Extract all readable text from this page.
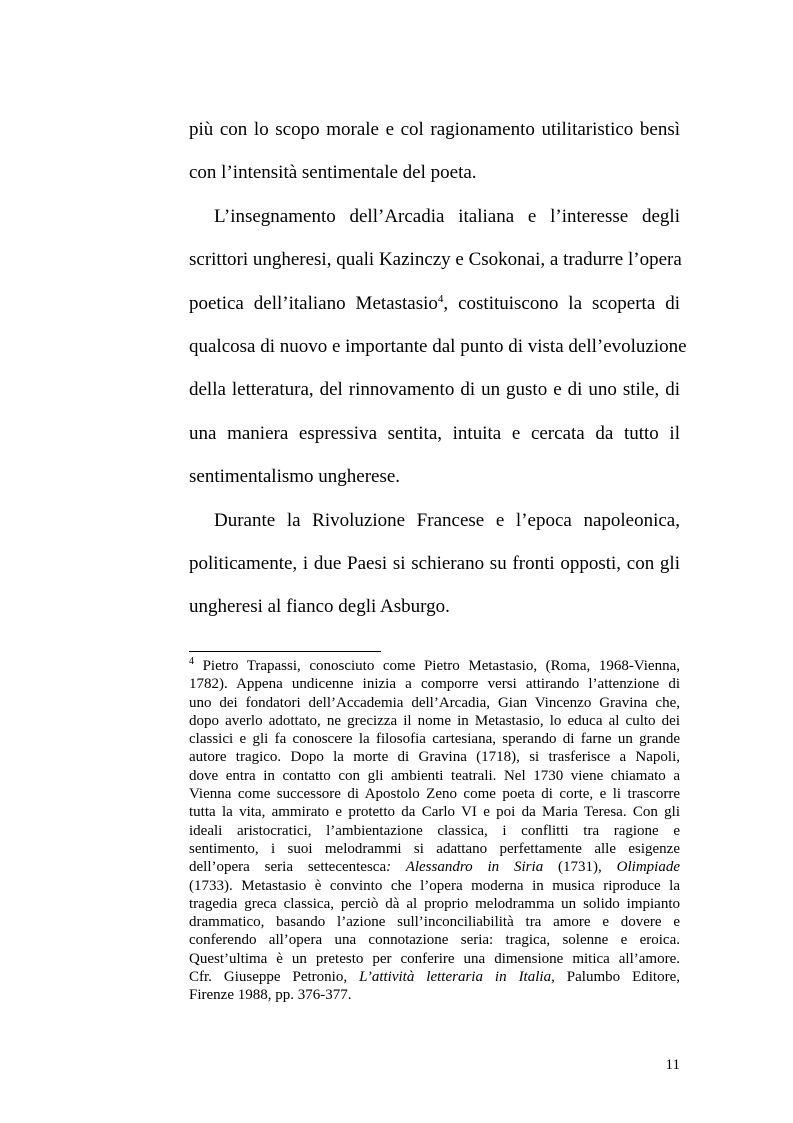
più con lo scopo morale e col ragionamento utilitaristico bensì
con l’intensità sentimentale del poeta.
L’insegnamento dell’Arcadia italiana e l’interesse degli
scrittori ungheresi, quali Kazinczy e Csokonai, a tradurre l’opera
poetica dell’italiano Metastasio$^4$, costituiscono la scoperta di
qualcosa di nuovo e importante dal punto di vista dell’evoluzione
della letteratura, del rinnovamento di un gusto e di uno stile, di
una maniera espressiva sentita, intuita e cercata da tutto il
sentimentalismo ungherese.
Durante la Rivoluzione Francese e l’epoca napoleonica,
politicamente, i due Paesi si schierano su fronti opposti, con gli
ungheresi al fianco degli Asburgo.
$^4$ Pietro Trapassi, conosciuto come Pietro Metastasio, (Roma, 1968-Vienna,
1782). Appena undicenne inizia a comporre versi attirando l’attenzione di
uno dei fondatori dell’Accademia dell’Arcadia, Gian Vincenzo Gravina che,
dopo averlo adottato, ne grecizza il nome in Metastasio, lo educa al culto dei
classici e gli fa conoscere la filosofia cartesiana, sperando di farne un grande
autore tragico. Dopo la morte di Gravina (1718), si trasferisce a Napoli,
dove entra in contatto con gli ambienti teatrali. Nel 1730 viene chiamato a
Vienna come successore di Apostolo Zeno come poeta di corte, e li trascorre
tutta la vita, ammirato e protetto da Carlo VI e poi da Maria Teresa. Con gli
ideali aristocratici, l’ambientazione classica, i conflitti tra ragione e
sentimento, i suoi melodrammi si adattano perfettamente alle esigenze
dell’opera seria settecentesca: Alessandro in Siria (1731), Olimpiade
(1733). Metastasio è convinto che l’opera moderna in musica riproduce la
tragedia greca classica, perciò dà al proprio melodramma un solido impianto
drammatico, basando l’azione sull’inconciliabilità tra amore e dovere e
conferendo all’opera una connotazione seria: tragica, solenne e eroica.
Quest’ultima è un pretesto per conferire una dimensione mitica all’amore.
Cfr. Giuseppe Petronio, L’attività letteraria in Italia, Palumbo Editore,
Firenze 1988, pp. 376-377.
11
